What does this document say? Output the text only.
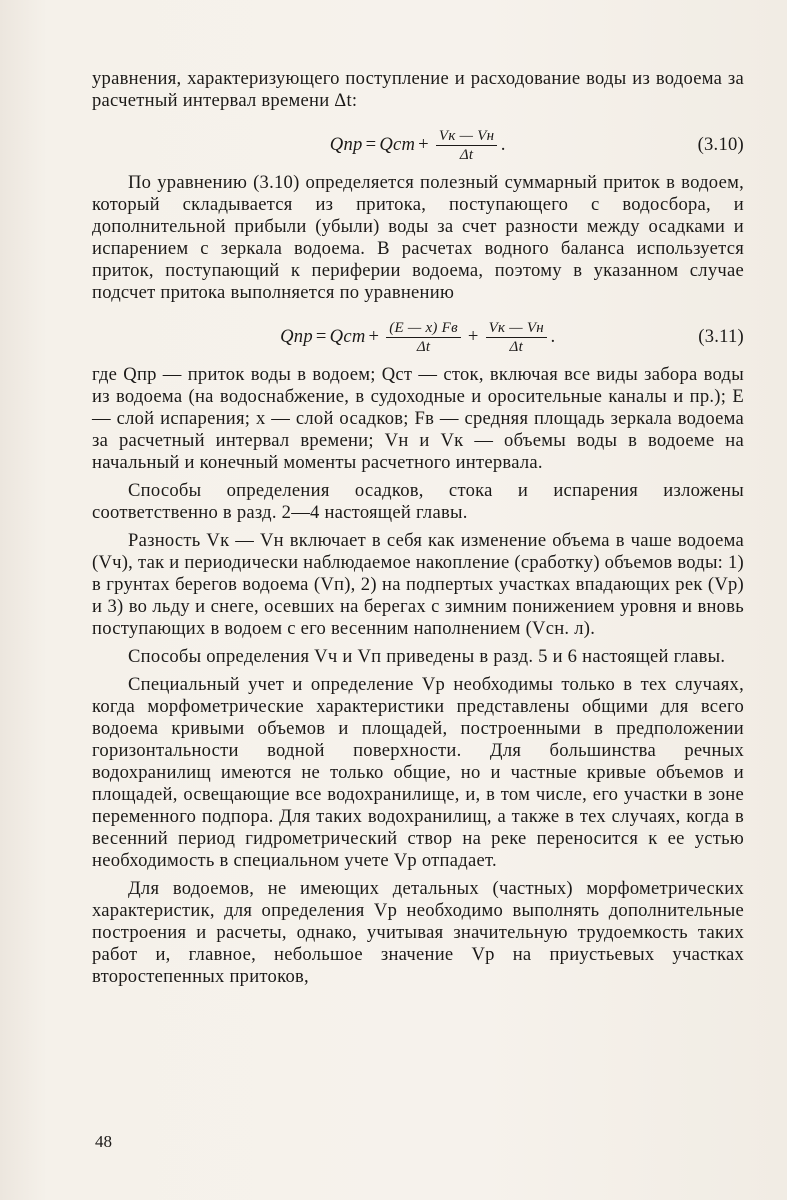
уравнения, характеризующего поступление и расходование воды из водоема за расчетный интервал времени Δt:

Qпр = Qст + $\frac{Vк — Vн}{\Delta t}$ .	(3.10)

По уравнению (3.10) определяется полезный суммарный приток в водоем, который складывается из притока, поступающего с водосбора, и дополнительной прибыли (убыли) воды за счет разности между осадками и испарением с зеркала водоема. В расчетах водного баланса используется приток, поступающий к периферии водоема, поэтому в указанном случае подсчет притока выполняется по уравнению

Qпр = Qст + $\frac{(E — x) Fв}{\Delta t} + \frac{Vк — Vн}{\Delta t}$ .	(3.11)

где Qпр — приток воды в водоем; Qст — сток, включая все виды забора воды из водоема (на водоснабжение, в судоходные и оросительные каналы и пр.); E — слой испарения; x — слой осадков; Fв — средняя площадь зеркала водоема за расчетный интервал времени; Vн и Vк — объемы воды в водоеме на начальный и конечный моменты расчетного интервала.

Способы определения осадков, стока и испарения изложены соответственно в разд. 2—4 настоящей главы.

Разность Vк — Vн включает в себя как изменение объема в чаше водоема (Vч), так и периодически наблюдаемое накопление (сработку) объемов воды: 1) в грунтах берегов водоема (Vп), 2) на подпертых участках впадающих рек (Vр) и 3) во льду и снеге, осевших на берегах с зимним понижением уровня и вновь поступающих в водоем с его весенним наполнением (Vсн. л).

Способы определения Vч и Vп приведены в разд. 5 и 6 настоящей главы.

Специальный учет и определение Vр необходимы только в тех случаях, когда морфометрические характеристики представлены общими для всего водоема кривыми объемов и площадей, построенными в предположении горизонтальности водной поверхности. Для большинства речных водохранилищ имеются не только общие, но и частные кривые объемов и площадей, освещающие все водохранилище, и, в том числе, его участки в зоне переменного подпора. Для таких водохранилищ, а также в тех случаях, когда в весенний период гидрометрический створ на реке переносится к ее устью необходимость в специальном учете Vр отпадает.

Для водоемов, не имеющих детальных (частных) морфометрических характеристик, для определения Vр необходимо выполнять дополнительные построения и расчеты, однако, учитывая значительную трудоемкость таких работ и, главное, небольшое значение Vр на приустьевых участках второстепенных притоков,

48
